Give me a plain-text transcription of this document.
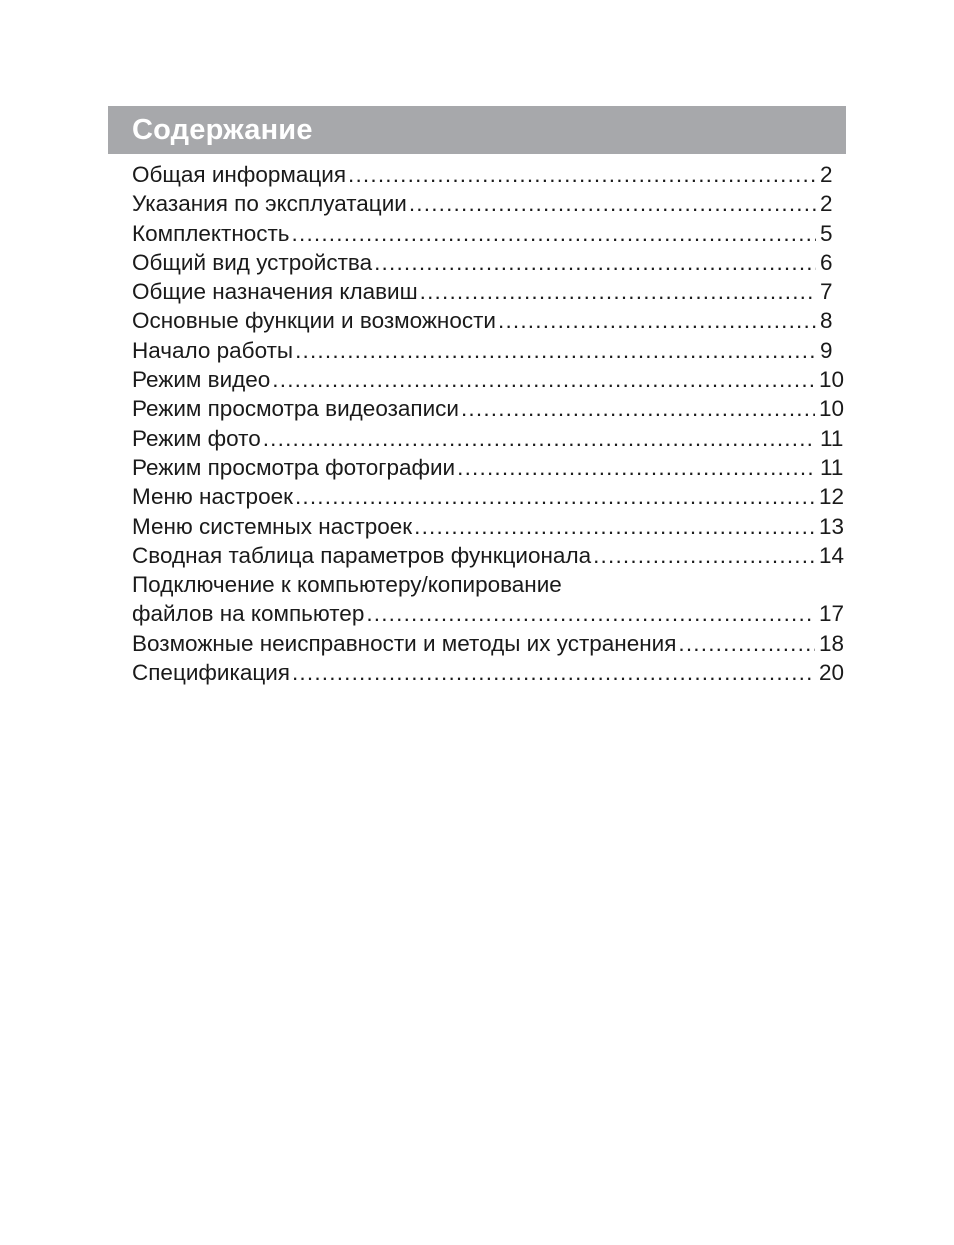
Содержание
Общая информация .....	2
Указания по эксплуатации .....	2
Комплектность .....	5
Общий вид устройства .....	6
Общие назначения клавиш .....	7
Основные функции и возможности .....	8
Начало работы .....	9
Режим видео .....	10
Режим просмотра видеозаписи .....	10
Режим фото .....	11
Режим просмотра фотографии .....	11
Меню настроек .....	12
Меню системных настроек .....	13
Сводная таблица параметров функционала .....	14
Подключение к компьютеру/копирование
файлов на компьютер .....	17
Возможные неисправности и методы их устранения .....	18
Спецификация .....	20
